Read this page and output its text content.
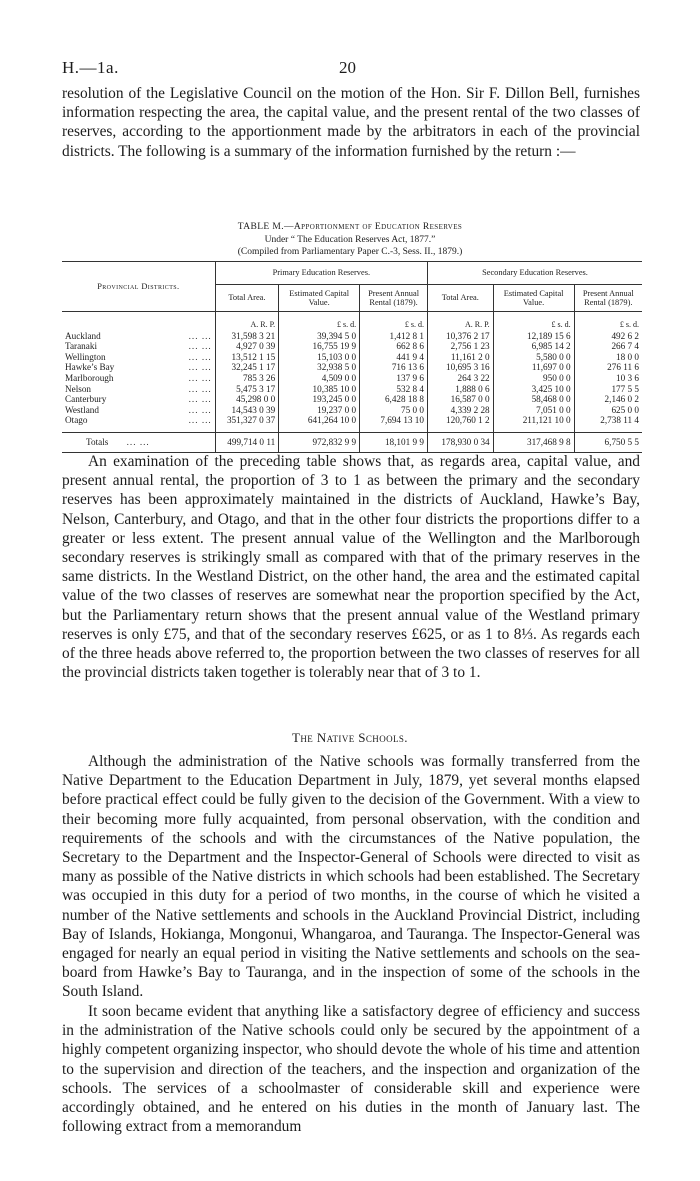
H.—1a.	20

resolution of the Legislative Council on the motion of the Hon. Sir F. Dillon Bell, furnishes information respecting the area, the capital value, and the present rental of the two classes of reserves, according to the apportionment made by the arbitrators in each of the provincial districts. The following is a summary of the information furnished by the return :—

TABLE M.—Apportionment of Education Reserves
Under “ The Education Reserves Act, 1877.”
(Compiled from Parliamentary Paper C.-3, Sess. II., 1879.)
Provincial Districts.	Primary Education Reserves.			Secondary Education Reserves.		
	Total Area.	Estimated Capital Value.	Present Annual Rental (1879).	Total Area.	Estimated Capital Value.	Present Annual Rental (1879).
	A. R. P.	£ s. d.	£ s. d.	A. R. P.	£ s. d.	£ s. d.

Auckland	... ... 31,598 3 21	39,394 5 0	1,412 8 1	10,376 2 17	12,189 15 6	492 6 2

Taranaki	... ...	4,927 0 39	16,755 19 9	662 8 6	2,756 1 23	6,985 14 2	266 7 4

Wellington	... ... 13,512 1 15	15,103 0 0	441 9 4	11,161 2 0	5,580 0 0	18 0 0

Hawke’s Bay	... ... 32,245 1 17	32,938 5 0	716 13 6	10,695 3 16	11,697 0 0	276 11 6

Marlborough	... ...	785 3 26	4,509 0 0	137 9 6	264 3 22	950 0 0	10 3 6

Nelson	... ...	5,475 3 17	10,385 10 0	532 8 4	1,888 0 6	3,425 10 0	177 5 5

Canterbury	... ...	45,298 0 0	193,245 0 0	6,428 18 8	16,587 0 0	58,468 0 0	2,146 0 2

Westland	... ... 14,543 0 39	19,237 0 0	75 0 0	4,339 2 28	7,051 0 0	625 0 0

Otago	... ... 351,327 0 37	641,264 10 0	7,694 13 10	120,760 1 2	211,121 10 0	2,738 11 4
Totals ... ...	499,714 0 11	972,832 9 9	18,101 9 9	178,930 0 34	317,468 9 8	6,750 5 5

An examination of the preceding table shows that, as regards area, capital value, and present annual rental, the proportion of 3 to 1 as between the primary and the secondary reserves has been approximately maintained in the districts of Auckland, Hawke’s Bay, Nelson, Canterbury, and Otago, and that in the other four districts the proportions differ to a greater or less extent. The present annual value of the Wellington and the Marlborough secondary reserves is strikingly small as compared with that of the primary reserves in the same districts. In the Westland District, on the other hand, the area and the estimated capital value of the two classes of reserves are somewhat near the proportion specified by the Act, but the Parliamentary return shows that the present annual value of the Westland primary reserves is only £75, and that of the secondary reserves £625, or as 1 to 8⅓. As regards each of the three heads above referred to, the proportion between the two classes of reserves for all the provincial districts taken together is tolerably near that of 3 to 1.

The Native Schools.

Although the administration of the Native schools was formally transferred from the Native Department to the Education Department in July, 1879, yet several months elapsed before practical effect could be fully given to the decision of the Government. With a view to their becoming more fully acquainted, from personal observation, with the condition and requirements of the schools and with the circumstances of the Native population, the Secretary to the Department and the Inspector-General of Schools were directed to visit as many as possible of the Native districts in which schools had been established. The Secretary was occupied in this duty for a period of two months, in the course of which he visited a number of the Native settlements and schools in the Auckland Provincial District, including Bay of Islands, Hokianga, Mongonui, Whangaroa, and Tauranga. The Inspector-General was engaged for nearly an equal period in visiting the Native settlements and schools on the sea-board from Hawke’s Bay to Tauranga, and in the inspection of some of the schools in the South Island.

It soon became evident that anything like a satisfactory degree of efficiency and success in the administration of the Native schools could only be secured by the appointment of a highly competent organizing inspector, who should devote the whole of his time and attention to the supervision and direction of the teachers, and the inspection and organization of the schools. The services of a schoolmaster of considerable skill and experience were accordingly obtained, and he entered on his duties in the month of January last. The following extract from a memorandum
